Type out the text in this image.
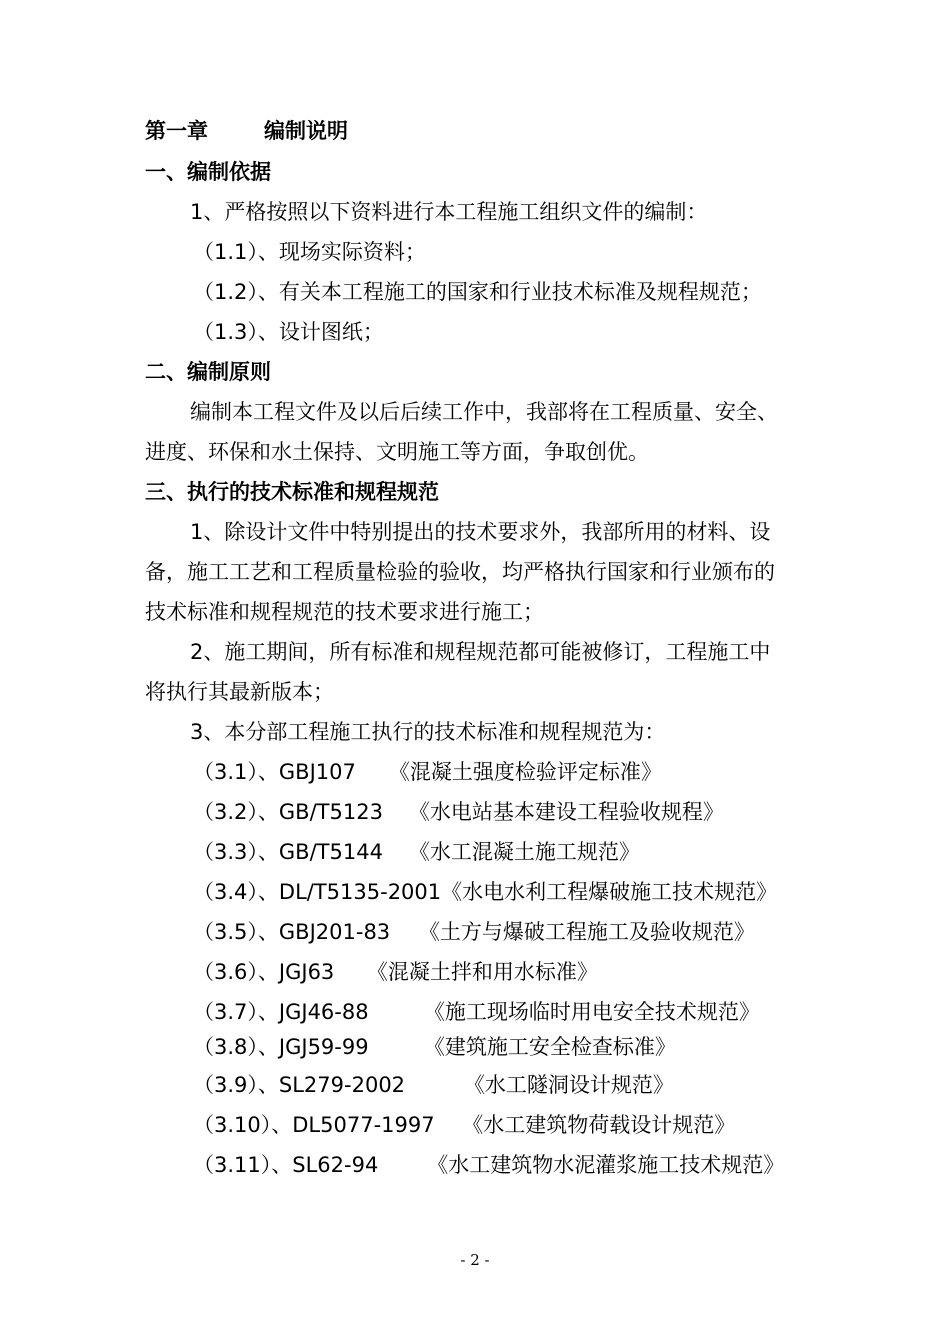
第一章	编制说明
一、编制依据
1、严格按照以下资料进行本工程施工组织文件的编制：
（1.1）、现场实际资料；
（1.2）、有关本工程施工的国家和行业技术标准及规程规范；
（1.3）、设计图纸；
二、编制原则
编制本工程文件及以后后续工作中，我部将在工程质量、安全、
进度、环保和水土保持、文明施工等方面，争取创优。
三、执行的技术标准和规程规范
1、除设计文件中特别提出的技术要求外，我部所用的材料、设
备，施工工艺和工程质量检验的验收，均严格执行国家和行业颁布的
技术标准和规程规范的技术要求进行施工；
2、施工期间，所有标准和规程规范都可能被修订，工程施工中
将执行其最新版本；
3、本分部工程施工执行的技术标准和规程规范为：
（3.1）、GBJ107 《混凝土强度检验评定标准》
（3.2）、GB/T5123 《水电站基本建设工程验收规程》
（3.3）、GB/T5144 《水工混凝土施工规范》
（3.4）、DL/T5135-2001《水电水利工程爆破施工技术规范》
（3.5）、GBJ201-83 《土方与爆破工程施工及验收规范》
（3.6）、JGJ63 《混凝土拌和用水标准》
（3.7）、JGJ46-88	《施工现场临时用电安全技术规范》
（3.8）、JGJ59-99	《建筑施工安全检查标准》
（3.9）、SL279-2002	《水工隧洞设计规范》
（3.10）、DL5077-1997 《水工建筑物荷载设计规范》
（3.11）、SL62-94 《水工建筑物水泥灌浆施工技术规范》
- 2 -
